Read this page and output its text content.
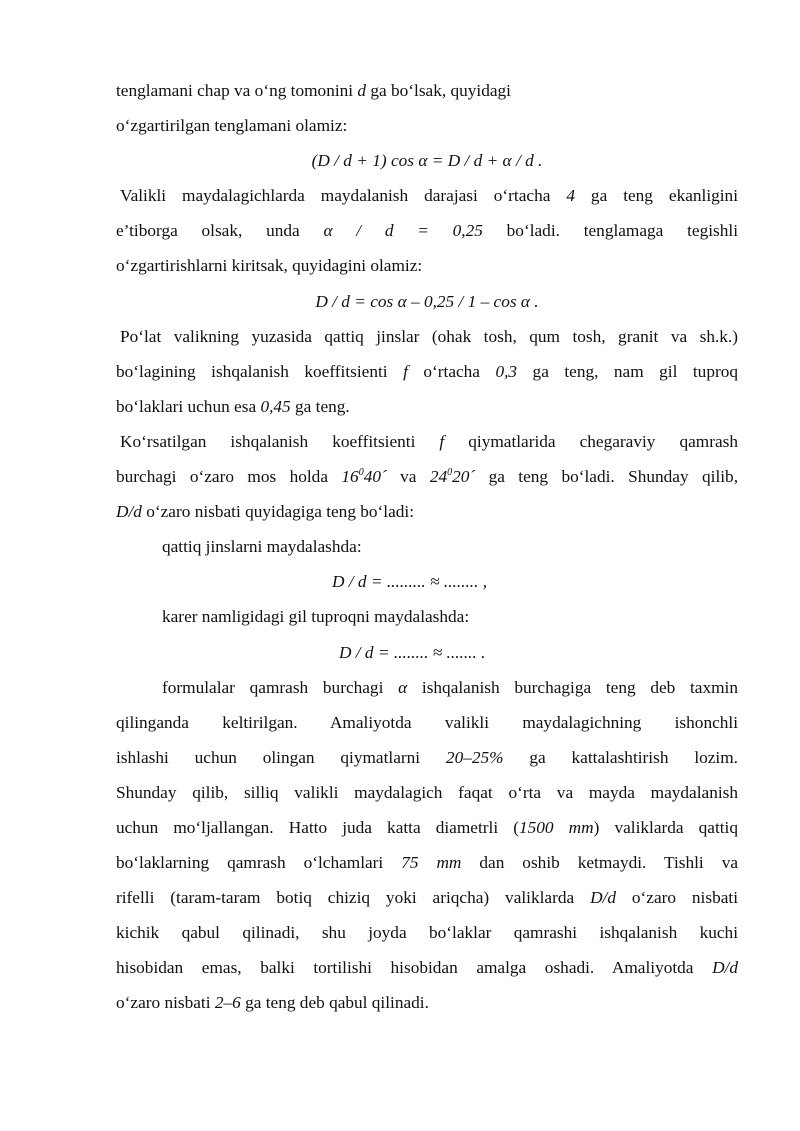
tenglamani chap va o‘ng tomonini d ga bo‘lsak, quyidagi
o‘zgartirilgan tenglamani olamiz:
(D / d + 1) cos α = D / d + α / d .
Valikli maydalagichlarda maydalanish darajasi o‘rtacha 4 ga teng ekanligini
e’tiborga olsak, unda α / d = 0,25 bo‘ladi. tenglamaga tegishli
o‘zgartirishlarni kiritsak, quyidagini olamiz:
D / d = cos α – 0,25 / 1 – cos α .
Po‘lat valikning yuzasida qattiq jinslar (ohak tosh, qum tosh, granit va sh.k.)
bo‘lagining ishqalanish koeffitsienti f o‘rtacha 0,3 ga teng, nam gil tuproq
bo‘laklari uchun esa 0,45 ga teng.
Ko‘rsatilgan ishqalanish koeffitsienti f qiymatlarida chegaraviy qamrash
burchagi o‘zaro mos holda $16^040´$ va $24^020´$ ga teng bo‘ladi. Shunday qilib,
D/d o‘zaro nisbati quyidagiga teng bo‘ladi:
qattiq jinslarni maydalashda:
D / d = ......... ≈ ........ ,
karer namligidagi gil tuproqni maydalashda:
D / d = ........ ≈ ....... .
formulalar qamrash burchagi α ishqalanish burchagiga teng deb taxmin
qilinganda keltirilgan. Amaliyotda valikli maydalagichning ishonchli
ishlashi uchun olingan qiymatlarni 20–25% ga kattalashtirish lozim.
Shunday qilib, silliq valikli maydalagich faqat o‘rta va mayda maydalanish
uchun mo‘ljallangan. Hatto juda katta diametrli (1500 mm) valiklarda qattiq
bo‘laklarning qamrash o‘lchamlari 75 mm dan oshib ketmaydi. Tishli va
rifelli (taram-taram botiq chiziq yoki ariqcha) valiklarda D/d o‘zaro nisbati
kichik qabul qilinadi, shu joyda bo‘laklar qamrashi ishqalanish kuchi
hisobidan emas, balki tortilishi hisobidan amalga oshadi. Amaliyotda D/d
o‘zaro nisbati 2–6 ga teng deb qabul qilinadi.
